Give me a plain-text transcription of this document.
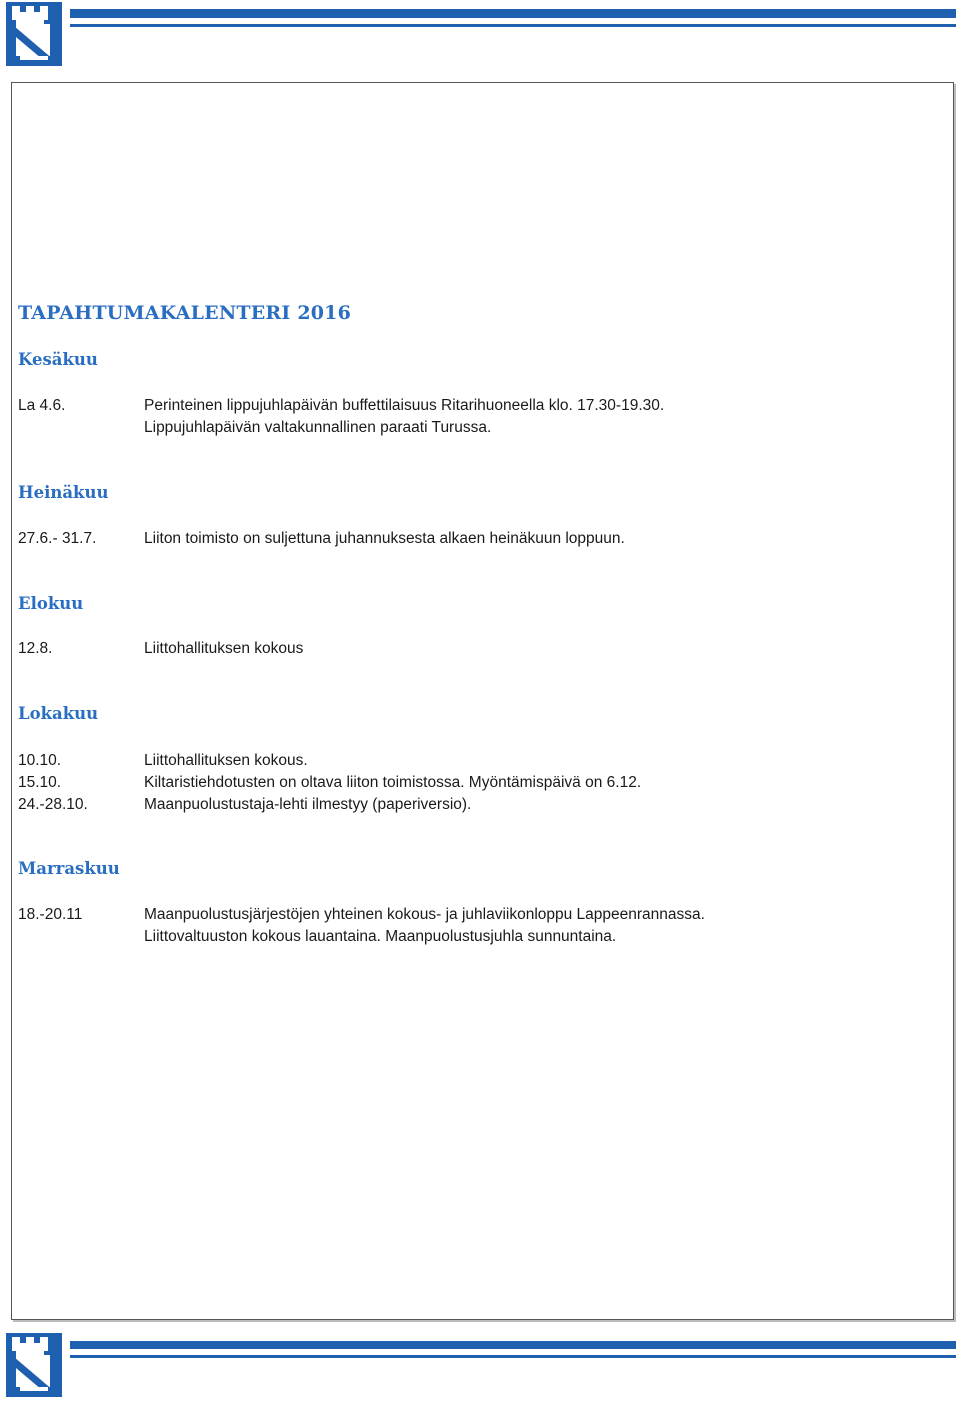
TAPAHTUMAKALENTERI 2016
Kesäkuu
La 4.6.	Perinteinen lippujuhlapäivän buffettilaisuus Ritarihuoneella klo. 17.30-19.30.
Lippujuhlapäivän valtakunnallinen paraati Turussa.
Heinäkuu
27.6.- 31.7.	Liiton toimisto on suljettuna juhannuksesta alkaen heinäkuun loppuun.
Elokuu
12.8.	Liittohallituksen kokous
Lokakuu
10.10.	Liittohallituksen kokous.
15.10.	Kiltaristiehdotusten on oltava liiton toimistossa. Myöntämispäivä on 6.12.
24.-28.10.	Maanpuolustustaja-lehti ilmestyy (paperiversio).
Marraskuu
18.-20.11	Maanpuolustusjärjestöjen yhteinen kokous- ja juhlaviikonloppu Lappeenrannassa.
Liittovaltuuston kokous lauantaina. Maanpuolustusjuhla sunnuntaina.
